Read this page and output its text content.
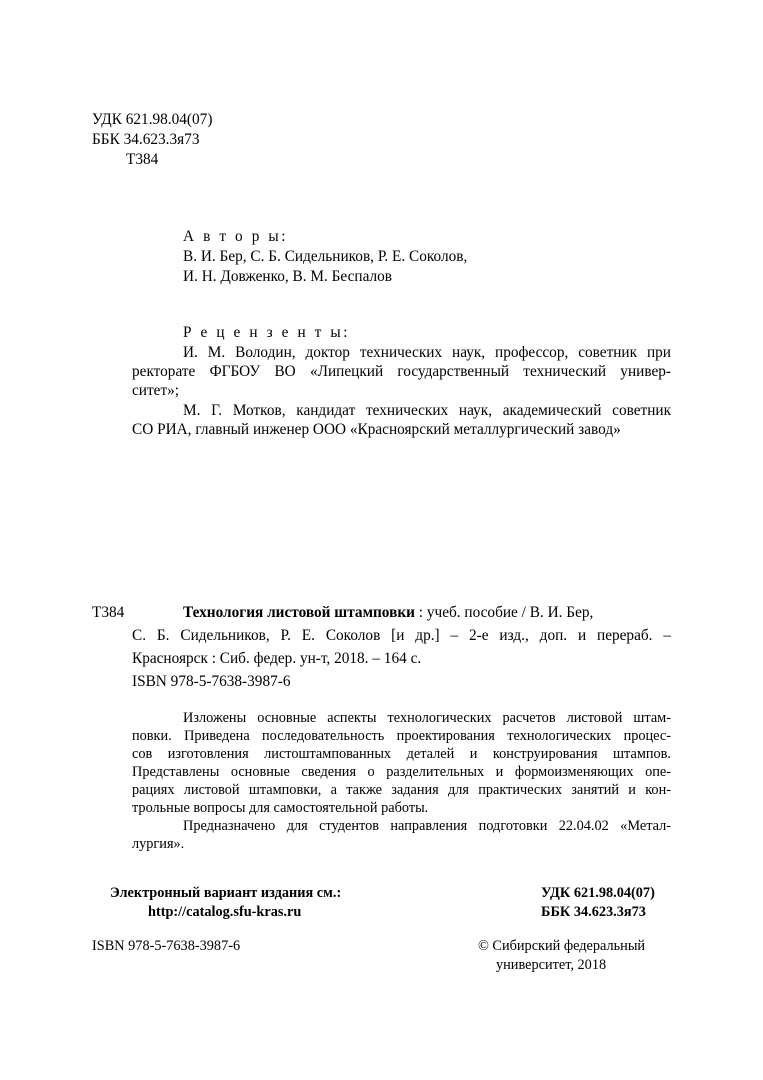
УДК 621.98.04(07)
ББК 34.623.3я73
Т384
А в т о р ы:
В. И. Бер, С. Б. Сидельников, Р. Е. Соколов,
И. Н. Довженко, В. М. Беспалов
Р е ц е н з е н т ы:
И. М. Володин, доктор технических наук, профессор, советник при
ректорате ФГБОУ ВО «Липецкий государственный технический универ-
ситет»;
М. Г. Мотков, кандидат технических наук, академический советник
СО РИА, главный инженер ООО «Красноярский металлургический завод»
Т384	Технология листовой штамповки : учеб. пособие / В. И. Бер,
С. Б. Сидельников, Р. Е. Соколов [и др.] – 2-е изд., доп. и перераб. –
Красноярск : Сиб. федер. ун-т, 2018. – 164 с.
ISBN 978-5-7638-3987-6
Изложены основные аспекты технологических расчетов листовой штам-
повки. Приведена последовательность проектирования технологических процес-
сов изготовления листоштампованных деталей и конструирования штампов.
Представлены основные сведения о разделительных и формоизменяющих опе-
рациях листовой штамповки, а также задания для практических занятий и кон-
трольные вопросы для самостоятельной работы.
Предназначено для студентов направления подготовки 22.04.02 «Метал-
лургия».
Электронный вариант издания см.:
http://catalog.sfu-kras.ru
УДК 621.98.04(07)
ББК 34.623.3я73
ISBN 978-5-7638-3987-6	© Сибирский федеральный
университет, 2018
